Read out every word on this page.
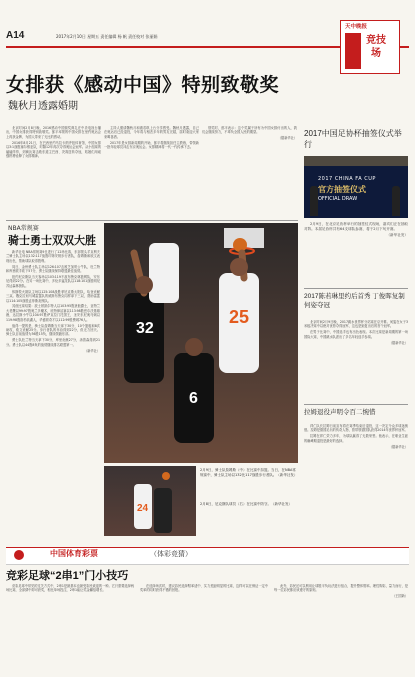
A14	2017年2月10日 星期五 责任编辑 杨 帆 责任校对 张丽娟
天中晚报
竞技场
女排获《感动中国》特别致敬奖
魏秋月透露婚期

北京时间2月8日晚，2016感动中国颁奖典礼在中央电视台播出，中国女排获得特别致敬奖。郎平率领的中国女排在里约奥运会上再获金牌，为国人带来了无比的感动。

2016年8月21日，在巴西里约马拉卡纳齐纽体育馆，中国女排以3∶1战胜塞尔维亚队，时隔12年再次夺得奥运会冠军。从小组赛的磕磕绊绊，到淘汰赛击败东道主巴西、决赛逆转夺冠，姑娘们用顽强拼搏诠释了女排精神。

主持人邀请魏秋月和惠若琪上台分享感受。魏秋月透露，自己在奥运后已经退役，今年将与相恋多年的男友完婚，届时欢迎大家来喝喜酒。

2017年是女排新周期的开始，郎平将继续担任主教练，带领新一批年轻球员冲击东京奥运会。女排精神将一代一代传承下去。

领奖时，郎平表示：这个奖属于所有为中国女排付出的人，我们会继续努力，不辜负全国人民的期望。

（据新华社）

2017中国足协杯抽签仪式举行
2017 CHINA FA CUP
官方抽签仪式
OFFICIAL DRAW

2月9日，在北京足协杯举行的抽签仪式现场，嘉宾们正在抽取对阵。本届足协杯共有64支球队参赛，将于2月下旬开赛。

（新华社发）

NBA常规赛
骑士勇士双双大胜

新华社电 NBA常规赛9日进行了12场比赛，东部领头羊克利夫兰骑士队主场以132∶117战胜印第安纳步行者队，詹姆斯和欧文表现出色，帮助球队取得胜利。

同日，金州勇士队主场以126∶107击败芝加哥公牛队，杜兰特和库里联手砍下57分，勇士队继续保持联盟最佳战绩。

纽约尼克斯队当天客场以103∶119不敌布鲁克林篮网队，安东尼得到22分。在另一场比赛中，多伦多猛龙队以118∶101战胜明尼苏达森林狼队。

休斯敦火箭队主场以125∶108战胜菲尼克斯太阳队，哈登贡献三双。俄克拉何马城雷霆队的威斯布鲁克同样拿下三双，帮助雷霆以114∶105战胜孟菲斯灰熊队。

其他比赛结果：波士顿凯尔特人以103∶95胜犹他爵士，亚特兰大老鹰以99∶97胜奥兰多魔术，底特律活塞以113∶98胜密尔沃基雄鹿，达拉斯小牛以104∶97胜萨克拉门托国王，圣安东尼奥马刺以119∶98胜洛杉矶湖人，华盛顿奇才以112∶99胜费城76人。

值得一提的是，骑士队詹姆斯当天拿下30分、10个篮板和8次助攻，欧文贡献25分。步行者队的乔治得到22分，但无力回天。骑士队目前战绩为36胜15负，继续领跑东部。

勇士队杜兰特当天拿下30分，库里贡献27分，汤普森得到21分。勇士队以44胜8负的战绩继续排名联盟第一。

（新华社）

32
25
6
24
2月9日，骑士队詹姆斯（中）在比赛中扣篮。当日，在NBA常规赛中，骑士队主场以132比117战胜步行者队。（新华社发）
2月8日，尼克斯队球员（右）在比赛中防守。（新华社发）
2017陈若琳里约后首秀 丁俊晖复制 何姿夺冠

北京时间2月9日晚，2017跳水世界杯分站赛在京开幕。何姿在女子3米板决赛中以绝对优势夺得冠军，这也是她复出后的首个冠军。

在男子比赛中，中国选手也有出色表现。本次比赛是新周期的第一场国际大赛，中国跳水队派出了多名年轻选手参赛。

（据新华社）

拉姆退役声明令百二惋惜

拜仁队长拉姆日前宣布将在赛季结束后退役，这一决定令众多球迷惋惜。拉姆是德国足坛的传奇人物，曾带领德国队获得2014年世界杯冠军。

拉姆在拜仁效力多年，为球队赢得了无数荣誉。他表示，在职业生涯的巅峰期退役是最好的选择。

（据新华社）

中国体育彩票	（体彩竞猜）
竞彩足球“2串1”门小技巧

竞彩足球中常见的过关方式中，2串1是最基本也最受彩民欢迎的一种。它只需要选择两场比赛，全部猜中即可获奖，相比单场投注，2串1能让奖金翻倍增长。

在选择场次时，建议彩民选择赔率适中、实力差距明显的比赛，这样可以在保证一定中奖率的同时获得不错的回报。

此外，彩民还可以利用让球胜平负玩法进行组合，提升整体赔率。理性购彩，量力而行，是每一位彩民都应该遵守的原则。

（王国新）
